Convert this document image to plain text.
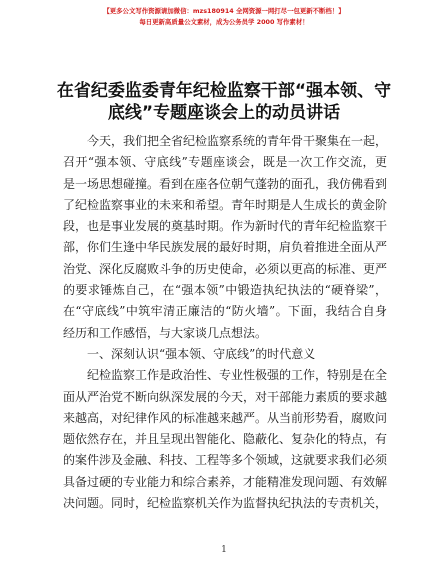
【更多公文写作资源请加微信：mzs180914 全网资源一网打尽一包更新不断档！】
每日更新高质量公文素材，成为公务员学 2000 写作素材！
在省纪委监委青年纪检监察干部“强本领、守
底线”专题座谈会上的动员讲话

今天，我们把全省纪检监察系统的青年骨干聚集在一起，召开“强本领、守底线”专题座谈会，既是一次工作交流，更是一场思想碰撞。看到在座各位朝气蓬勃的面孔，我仿佛看到了纪检监察事业的未来和希望。青年时期是人生成长的黄金阶段，也是事业发展的奠基时期。作为新时代的青年纪检监察干部，你们生逢中华民族发展的最好时期，肩负着推进全面从严治党、深化反腐败斗争的历史使命，必须以更高的标准、更严的要求锤炼自己，在“强本领”中锻造执纪执法的“硬脊梁”，在“守底线”中筑牢清正廉洁的“防火墙”。下面，我结合自身经历和工作感悟，与大家谈几点想法。

一、深刻认识“强本领、守底线”的时代意义

纪检监察工作是政治性、专业性极强的工作，特别是在全面从严治党不断向纵深发展的今天，对干部能力素质的要求越来越高，对纪律作风的标准越来越严。从当前形势看，腐败问题依然存在，并且呈现出智能化、隐蔽化、复杂化的特点，有的案件涉及金融、科技、工程等多个领域，这就要求我们必须具备过硬的专业能力和综合素养，才能精准发现问题、有效解决问题。同时，纪检监察机关作为监督执纪执法的专责机关，

1
